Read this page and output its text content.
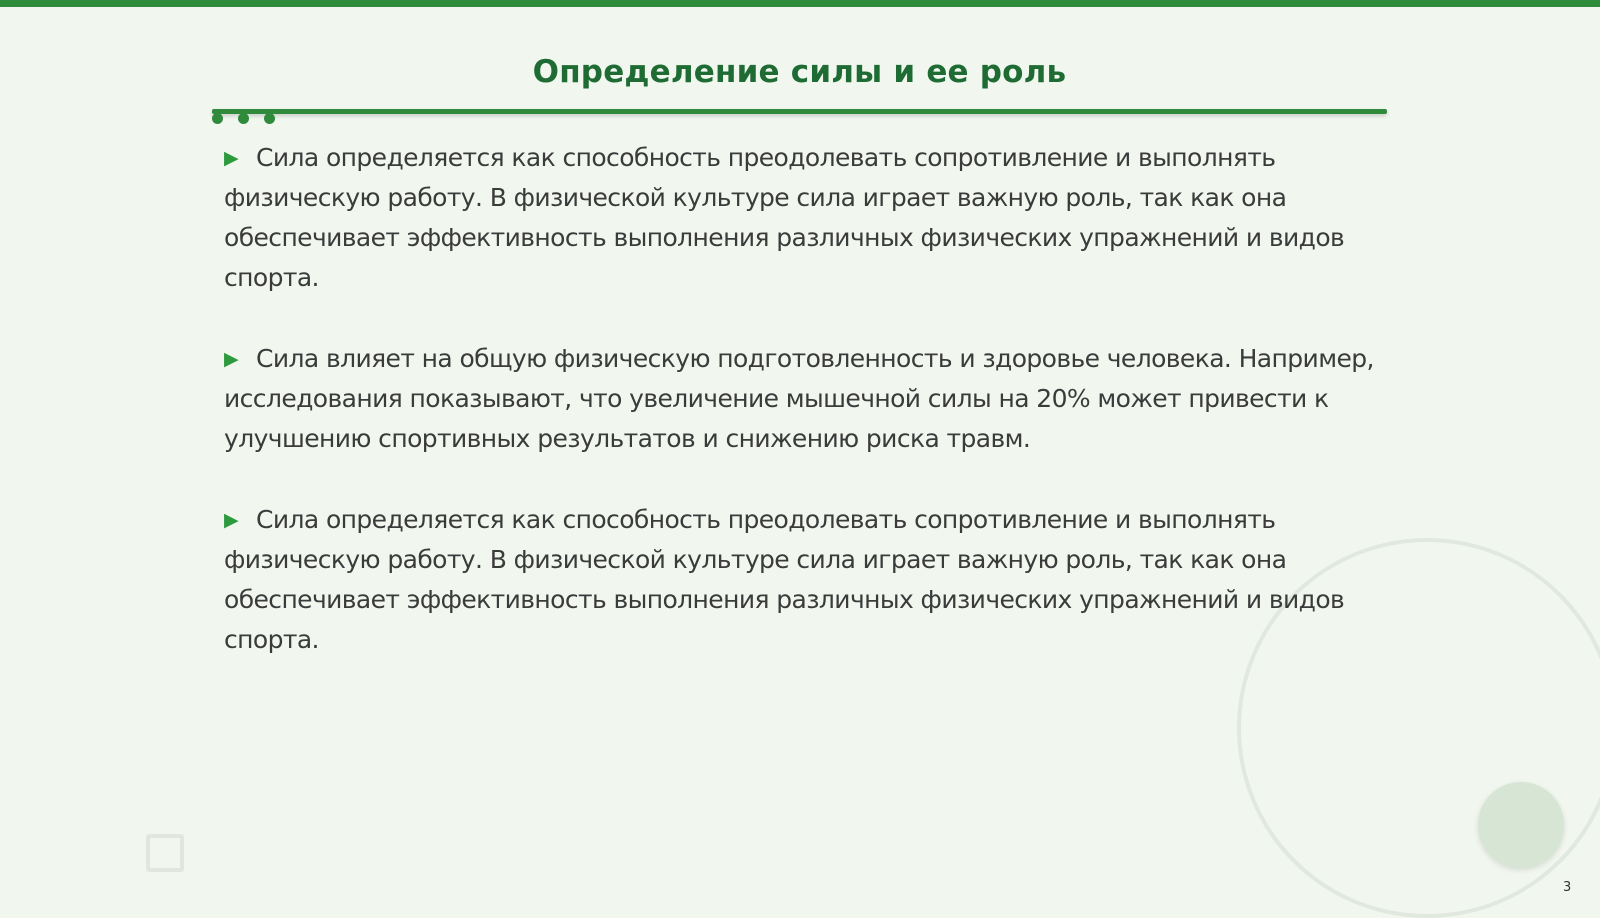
Определение силы и ее роль

▶ Сила определяется как способность преодолевать сопротивление и выполнять физическую работу. В физической культуре сила играет важную роль, так как она обеспечивает эффективность выполнения различных физических упражнений и видов спорта.

▶ Сила влияет на общую физическую подготовленность и здоровье человека. Например, исследования показывают, что увеличение мышечной силы на 20% может привести к улучшению спортивных результатов и снижению риска травм.

▶ Сила определяется как способность преодолевать сопротивление и выполнять физическую работу. В физической культуре сила играет важную роль, так как она обеспечивает эффективность выполнения различных физических упражнений и видов спорта.

3
